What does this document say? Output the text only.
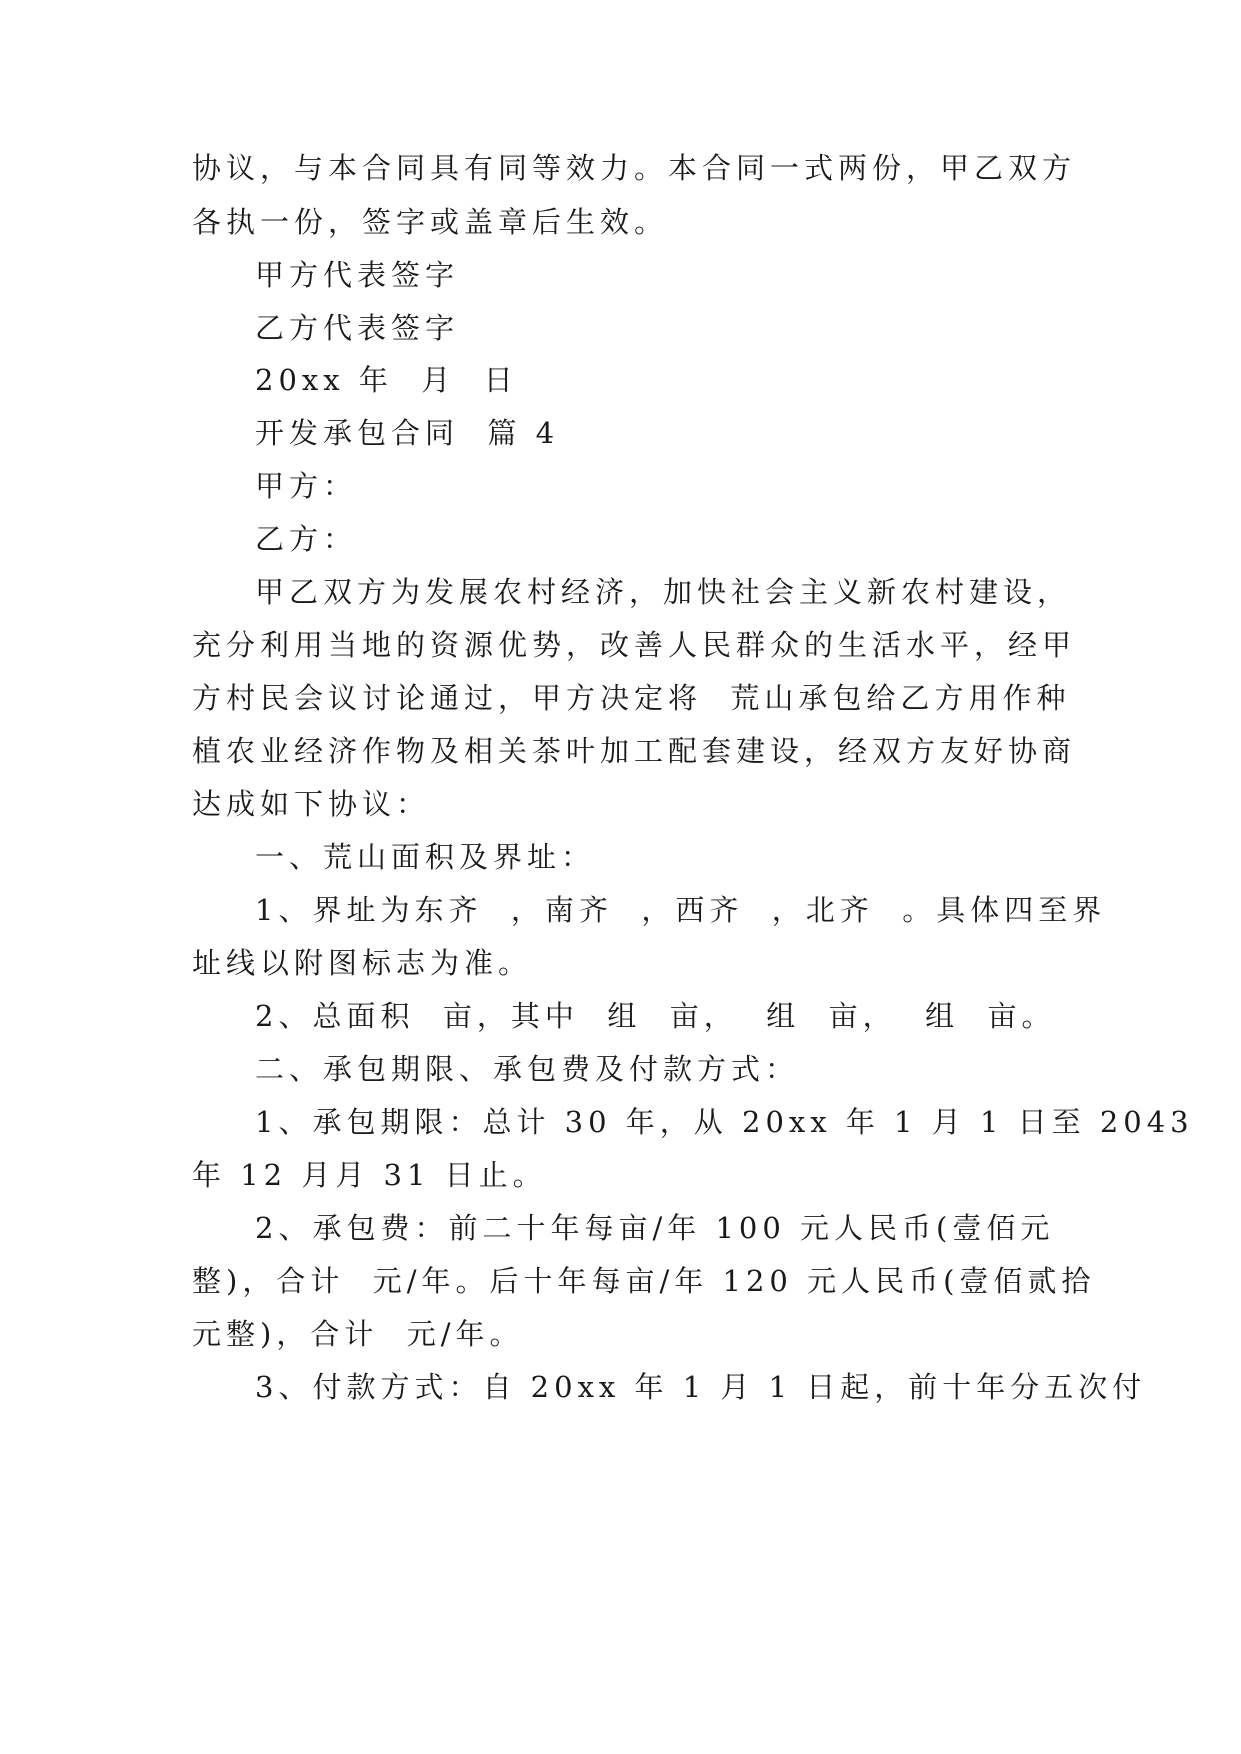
协议，与本合同具有同等效力。本合同一式两份，甲乙双方
各执一份，签字或盖章后生效。
甲方代表签字
乙方代表签字
20xx 年  月  日
开发承包合同  篇 4
甲方：
乙方：
甲乙双方为发展农村经济，加快社会主义新农村建设，
充分利用当地的资源优势，改善人民群众的生活水平，经甲
方村民会议讨论通过，甲方决定将  荒山承包给乙方用作种
植农业经济作物及相关茶叶加工配套建设，经双方友好协商
达成如下协议：
一、荒山面积及界址：
1、界址为东齐  ，南齐  ，西齐  ，北齐  。具体四至界
址线以附图标志为准。
2、总面积  亩，其中  组  亩，  组  亩，  组  亩。
二、承包期限、承包费及付款方式：
1、承包期限：总计 30 年，从 20xx 年 1 月 1 日至 2043
年 12 月月 31 日止。
2、承包费：前二十年每亩/年 100 元人民币(壹佰元
整)，合计  元/年。后十年每亩/年 120 元人民币(壹佰贰拾
元整)，合计  元/年。
3、付款方式：自 20xx 年 1 月 1 日起，前十年分五次付
